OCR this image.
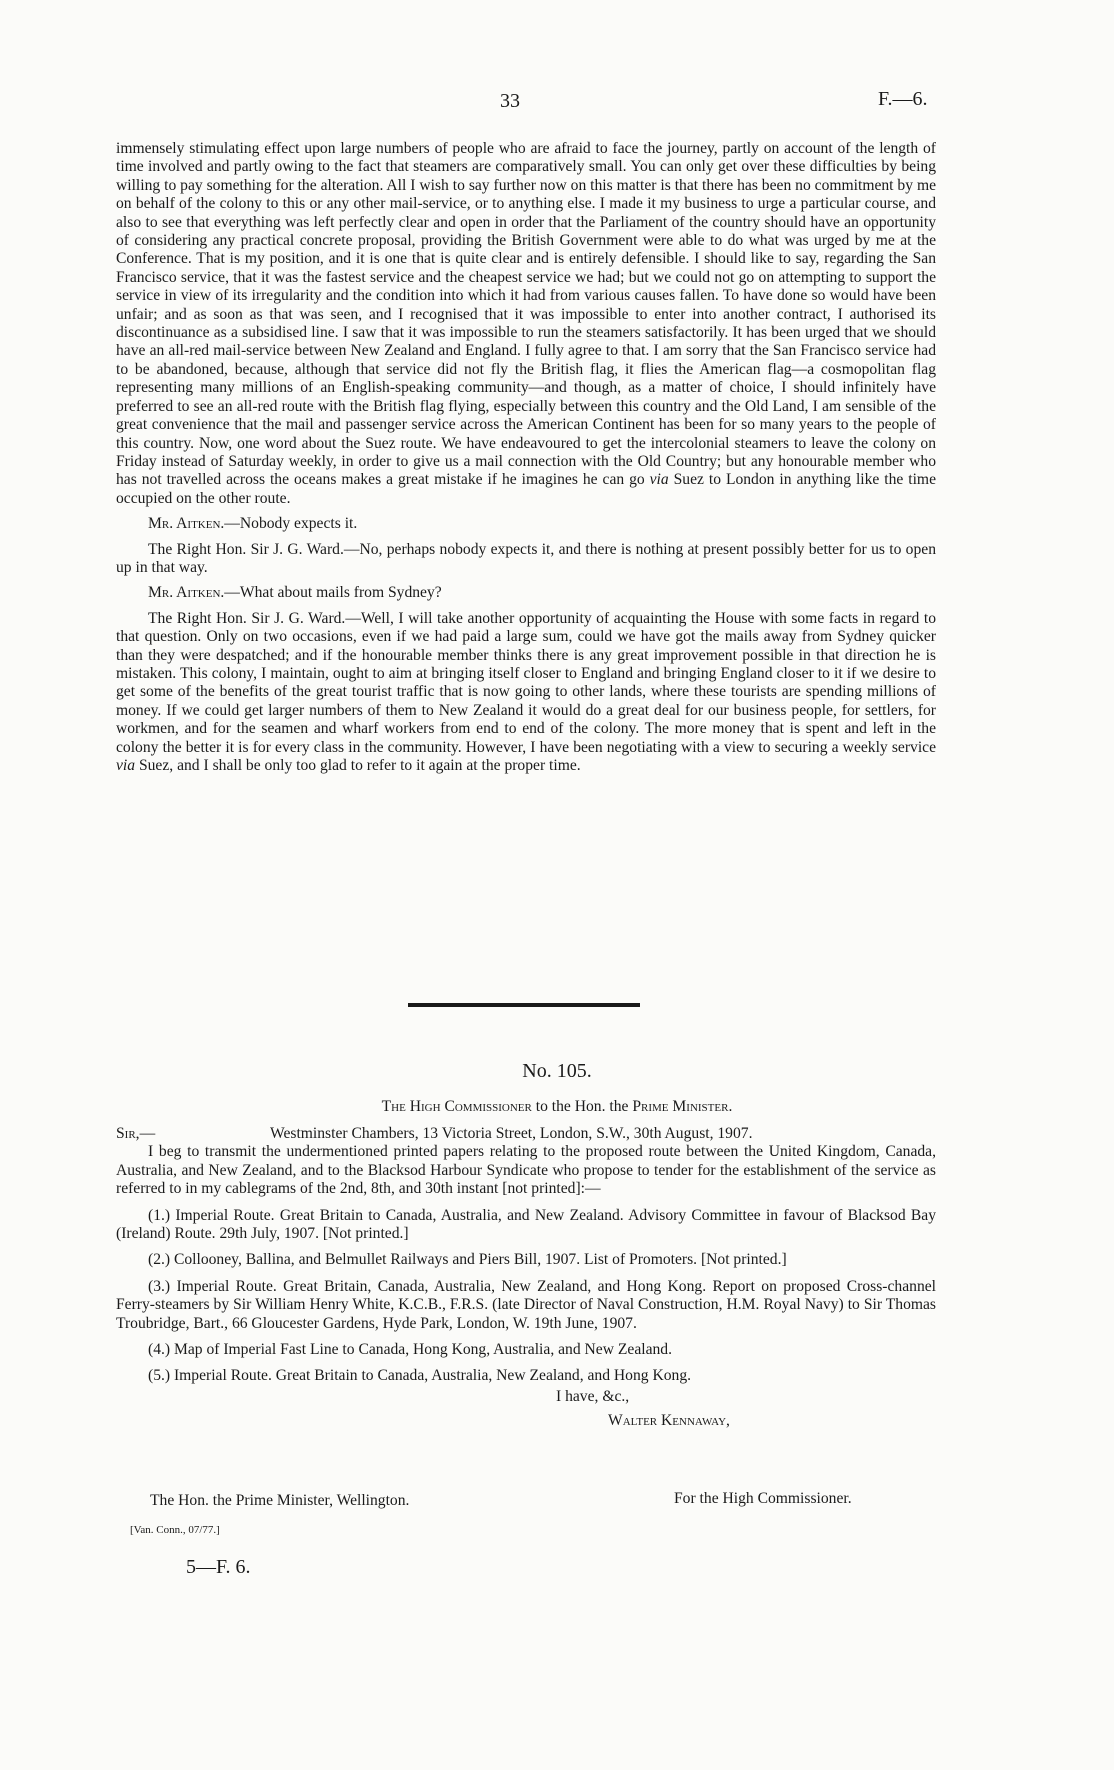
33	F.—6.

immensely stimulating effect upon large numbers of people who are afraid to face the journey, partly on account of the length of time involved and partly owing to the fact that steamers are comparatively small. You can only get over these difficulties by being willing to pay something for the alteration. All I wish to say further now on this matter is that there has been no commitment by me on behalf of the colony to this or any other mail-service, or to anything else. I made it my business to urge a particular course, and also to see that everything was left perfectly clear and open in order that the Parliament of the country should have an opportunity of considering any practical concrete proposal, providing the British Government were able to do what was urged by me at the Conference. That is my position, and it is one that is quite clear and is entirely defensible. I should like to say, regarding the San Francisco service, that it was the fastest service and the cheapest service we had; but we could not go on attempting to support the service in view of its irregularity and the condition into which it had from various causes fallen. To have done so would have been unfair; and as soon as that was seen, and I recognised that it was impossible to enter into another contract, I authorised its discontinuance as a subsidised line. I saw that it was impossible to run the steamers satisfactorily. It has been urged that we should have an all-red mail-service between New Zealand and England. I fully agree to that. I am sorry that the San Francisco service had to be abandoned, because, although that service did not fly the British flag, it flies the American flag—a cosmopolitan flag representing many millions of an English-speaking community—and though, as a matter of choice, I should infinitely have preferred to see an all-red route with the British flag flying, especially between this country and the Old Land, I am sensible of the great convenience that the mail and passenger service across the American Continent has been for so many years to the people of this country. Now, one word about the Suez route. We have endeavoured to get the intercolonial steamers to leave the colony on Friday instead of Saturday weekly, in order to give us a mail connection with the Old Country; but any honourable member who has not travelled across the oceans makes a great mistake if he imagines he can go via Suez to London in anything like the time occupied on the other route.

Mr. Aitken.—Nobody expects it.

The Right Hon. Sir J. G. Ward.—No, perhaps nobody expects it, and there is nothing at present possibly better for us to open up in that way.

Mr. Aitken.—What about mails from Sydney?

The Right Hon. Sir J. G. Ward.—Well, I will take another opportunity of acquainting the House with some facts in regard to that question. Only on two occasions, even if we had paid a large sum, could we have got the mails away from Sydney quicker than they were despatched; and if the honourable member thinks there is any great improvement possible in that direction he is mistaken. This colony, I maintain, ought to aim at bringing itself closer to England and bringing England closer to it if we desire to get some of the benefits of the great tourist traffic that is now going to other lands, where these tourists are spending millions of money. If we could get larger numbers of them to New Zealand it would do a great deal for our business people, for settlers, for workmen, and for the seamen and wharf workers from end to end of the colony. The more money that is spent and left in the colony the better it is for every class in the community. However, I have been negotiating with a view to securing a weekly service via Suez, and I shall be only too glad to refer to it again at the proper time.

No. 105.
The High Commissioner to the Hon. the Prime Minister.
Sir,—	Westminster Chambers, 13 Victoria Street, London, S.W., 30th August, 1907.

I beg to transmit the undermentioned printed papers relating to the proposed route between the United Kingdom, Canada, Australia, and New Zealand, and to the Blacksod Harbour Syndicate who propose to tender for the establishment of the service as referred to in my cablegrams of the 2nd, 8th, and 30th instant [not printed]:—

(1.) Imperial Route. Great Britain to Canada, Australia, and New Zealand. Advisory Committee in favour of Blacksod Bay (Ireland) Route. 29th July, 1907. [Not printed.]

(2.) Collooney, Ballina, and Belmullet Railways and Piers Bill, 1907. List of Promoters. [Not printed.]

(3.) Imperial Route. Great Britain, Canada, Australia, New Zealand, and Hong Kong. Report on proposed Cross-channel Ferry-steamers by Sir William Henry White, K.C.B., F.R.S. (late Director of Naval Construction, H.M. Royal Navy) to Sir Thomas Troubridge, Bart., 66 Gloucester Gardens, Hyde Park, London, W. 19th June, 1907.

(4.) Map of Imperial Fast Line to Canada, Hong Kong, Australia, and New Zealand.

(5.) Imperial Route. Great Britain to Canada, Australia, New Zealand, and Hong Kong.

I have, &c.,

Walter Kennaway,

The Hon. the Prime Minister, Wellington.	For the High Commissioner.
[Van. Conn., 07/77.]
5—F. 6.
